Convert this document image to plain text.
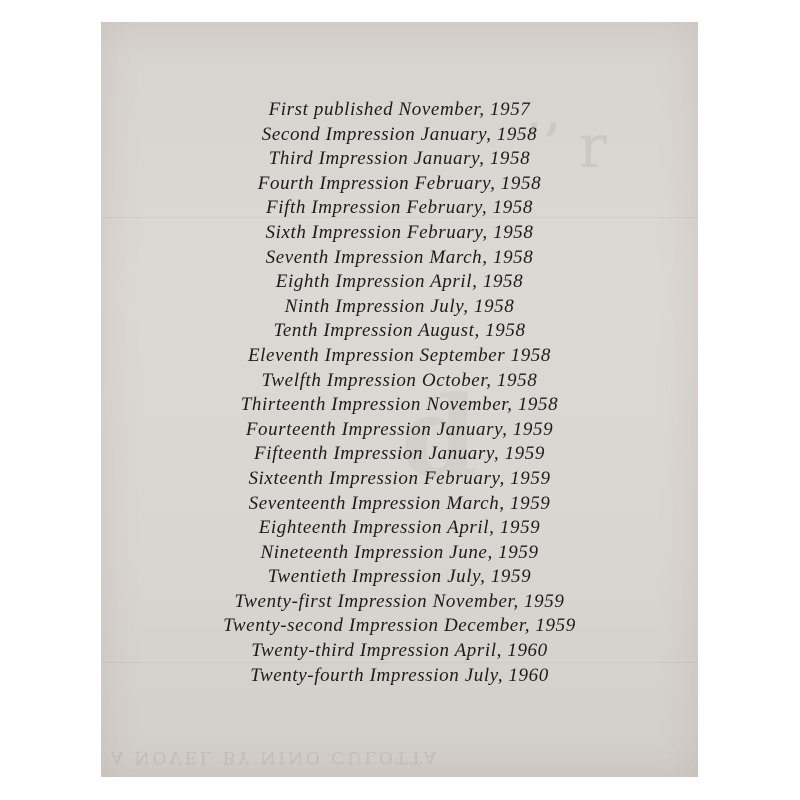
ʼʼ r
d
A NOVEL BY NINO CULOTTA
First published November, 1957
Second Impression January, 1958
Third Impression January, 1958
Fourth Impression February, 1958
Fifth Impression February, 1958
Sixth Impression February, 1958
Seventh Impression March, 1958
Eighth Impression April, 1958
Ninth Impression July, 1958
Tenth Impression August, 1958
Eleventh Impression September 1958
Twelfth Impression October, 1958
Thirteenth Impression November, 1958
Fourteenth Impression January, 1959
Fifteenth Impression January, 1959
Sixteenth Impression February, 1959
Seventeenth Impression March, 1959
Eighteenth Impression April, 1959
Nineteenth Impression June, 1959
Twentieth Impression July, 1959
Twenty-first Impression November, 1959
Twenty-second Impression December, 1959
Twenty-third Impression April, 1960
Twenty-fourth Impression July, 1960
